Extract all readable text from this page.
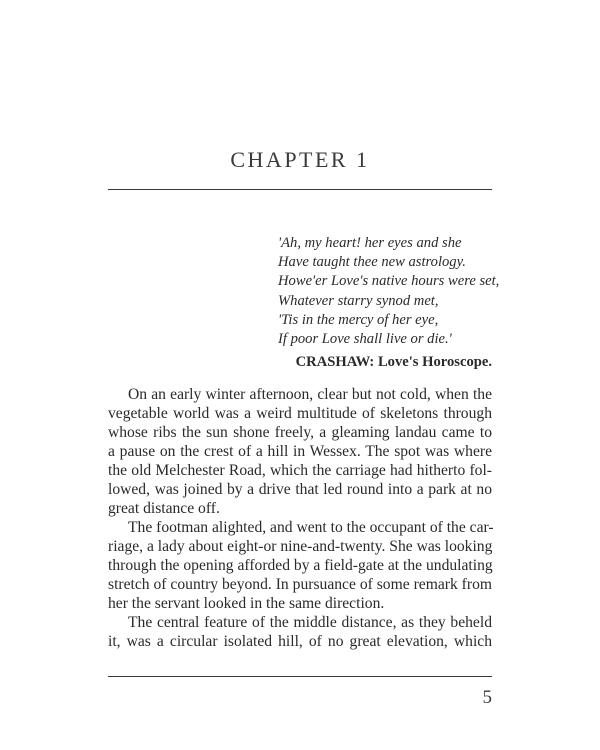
CHAPTER 1
'Ah, my heart! her eyes and she
Have taught thee new astrology.
Howe'er Love's native hours were set,
Whatever starry synod met,
'Tis in the mercy of her eye,
If poor Love shall live or die.'
CRASHAW: Love's Horoscope.

On an early winter afternoon, clear but not cold, when the
vegetable world was a weird multitude of skeletons through
whose ribs the sun shone freely, a gleaming landau came to
a pause on the crest of a hill in Wessex. The spot was where
the old Melchester Road, which the carriage had hitherto fol-
lowed, was joined by a drive that led round into a park at no
great distance off.

The footman alighted, and went to the occupant of the car-
riage, a lady about eight-or nine-and-twenty. She was looking
through the opening afforded by a field-gate at the undulating
stretch of country beyond. In pursuance of some remark from
her the servant looked in the same direction.

The central feature of the middle distance, as they beheld
it, was a circular isolated hill, of no great elevation, which

5
